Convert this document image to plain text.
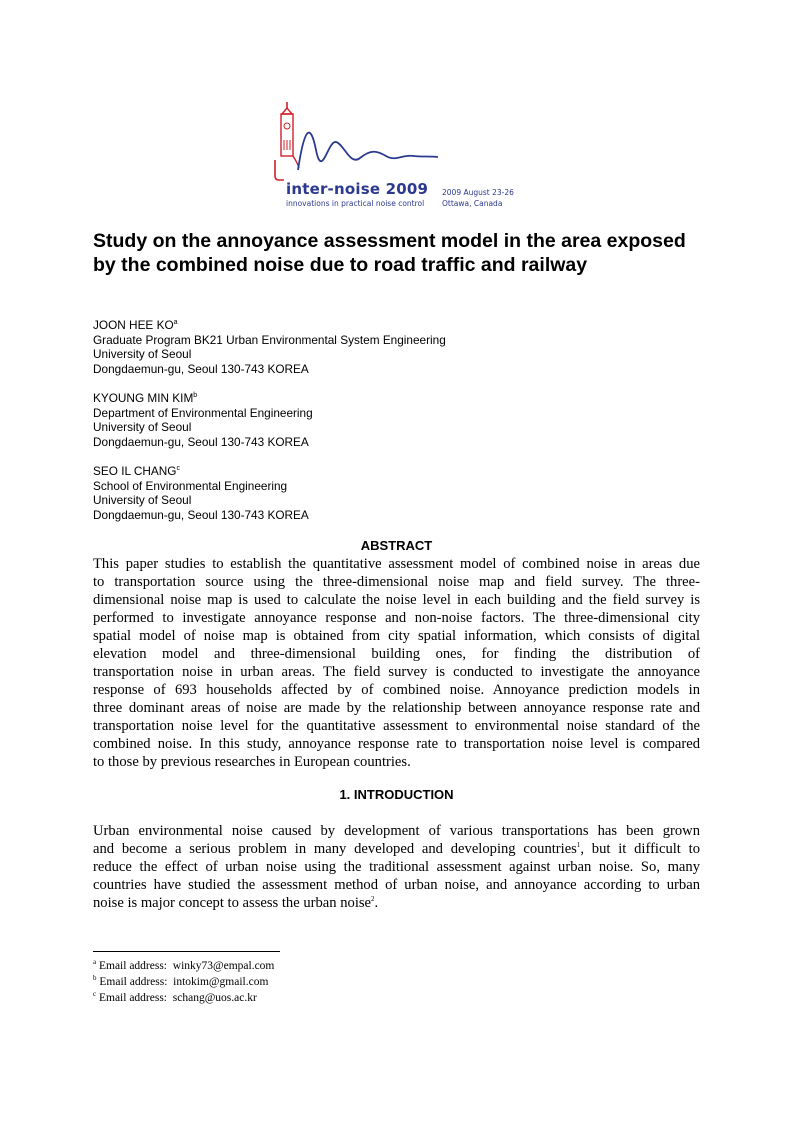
inter-noise 2009
innovations in practical noise control
2009 August 23-26
Ottawa, Canada
Study on the annoyance assessment model in the area exposed by the combined noise due to road traffic and railway
JOON HEE $KO^a$
Graduate Program BK21 Urban Environmental System Engineering
University of Seoul
Dongdaemun-gu, Seoul 130-743 KOREA
KYOUNG MIN KIM$^b$
Department of Environmental Engineering
University of Seoul
Dongdaemun-gu, Seoul 130-743 KOREA
SEO IL CHANG$^c$
School of Environmental Engineering
University of Seoul
Dongdaemun-gu, Seoul 130-743 KOREA
ABSTRACT
This paper studies to establish the quantitative assessment model of combined noise in areas due
to transportation source using the three-dimensional noise map and field survey. The three-
dimensional noise map is used to calculate the noise level in each building and the field survey is
performed to investigate annoyance response and non-noise factors. The three-dimensional city
spatial model of noise map is obtained from city spatial information, which consists of digital
elevation model and three-dimensional building ones, for finding the distribution of
transportation noise in urban areas. The field survey is conducted to investigate the annoyance
response of 693 households affected by of combined noise. Annoyance prediction models in
three dominant areas of noise are made by the relationship between annoyance response rate and
transportation noise level for the quantitative assessment to environmental noise standard of the
combined noise. In this study, annoyance response rate to transportation noise level is compared
to those by previous researches in European countries.
1. INTRODUCTION
Urban environmental noise caused by development of various transportations has been grown
and become a serious problem in many developed and developing countries$^1$, but it difficult to
reduce the effect of urban noise using the traditional assessment against urban noise. So, many
countries have studied the assessment method of urban noise, and annoyance according to urban
noise is major concept to assess the urban noise$^2$.
$^a$ Email address: winky73@empal.com
$^b$ Email address: intokim@gmail.com
$^c$ Email address: schang@uos.ac.kr
